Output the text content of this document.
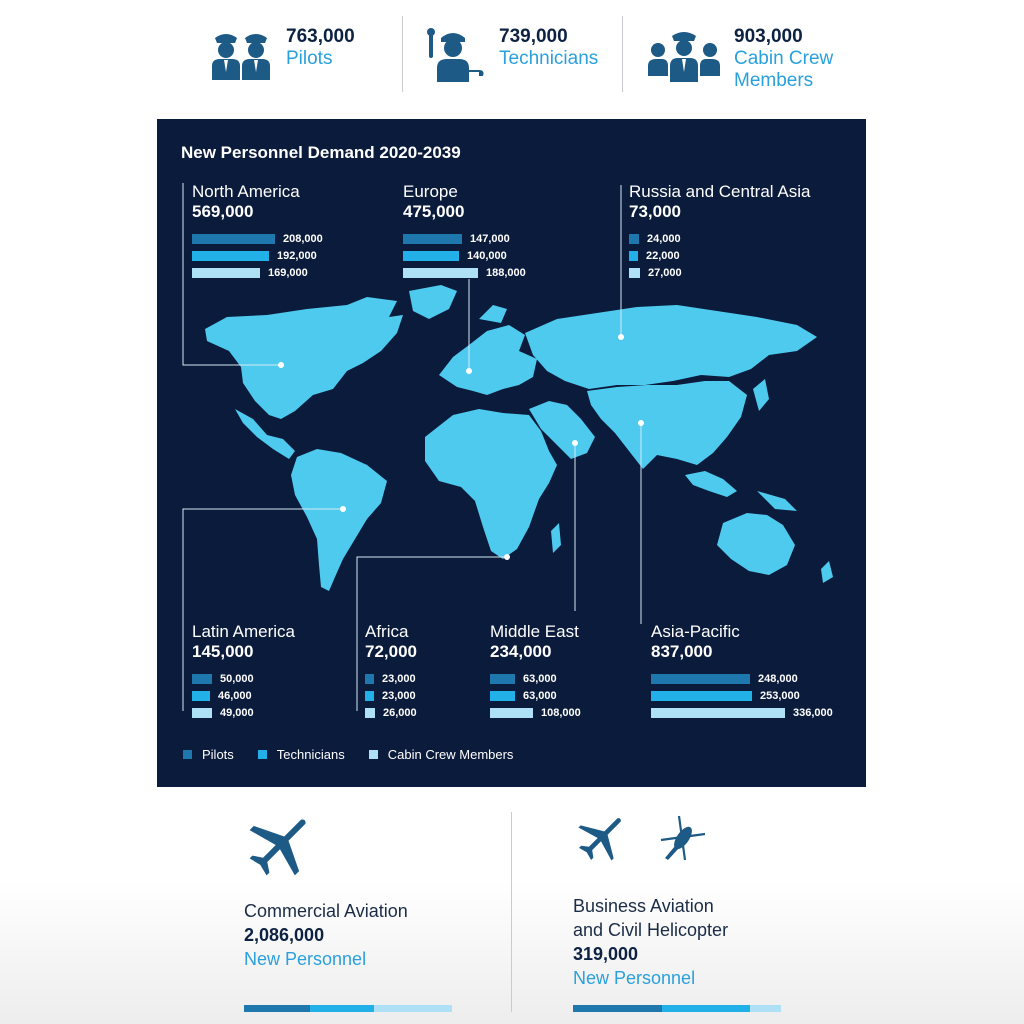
763,000
Pilots
739,000
Technicians
903,000
Cabin Crew
Members
New Personnel Demand 2020-2039
North America
569,000
208,000
192,000
169,000
Europe
475,000
147,000
140,000
188,000
Russia and Central Asia
73,000
24,000
22,000
27,000
Latin America
145,000
50,000
46,000
49,000
Africa
72,000
23,000
23,000
26,000
Middle East
234,000
63,000
63,000
108,000
Asia-Pacific
837,000
248,000
253,000
336,000
Pilots	Technicians	Cabin Crew Members
Commercial Aviation
2,086,000
New Personnel
Business Aviation
and Civil Helicopter
319,000
New Personnel
